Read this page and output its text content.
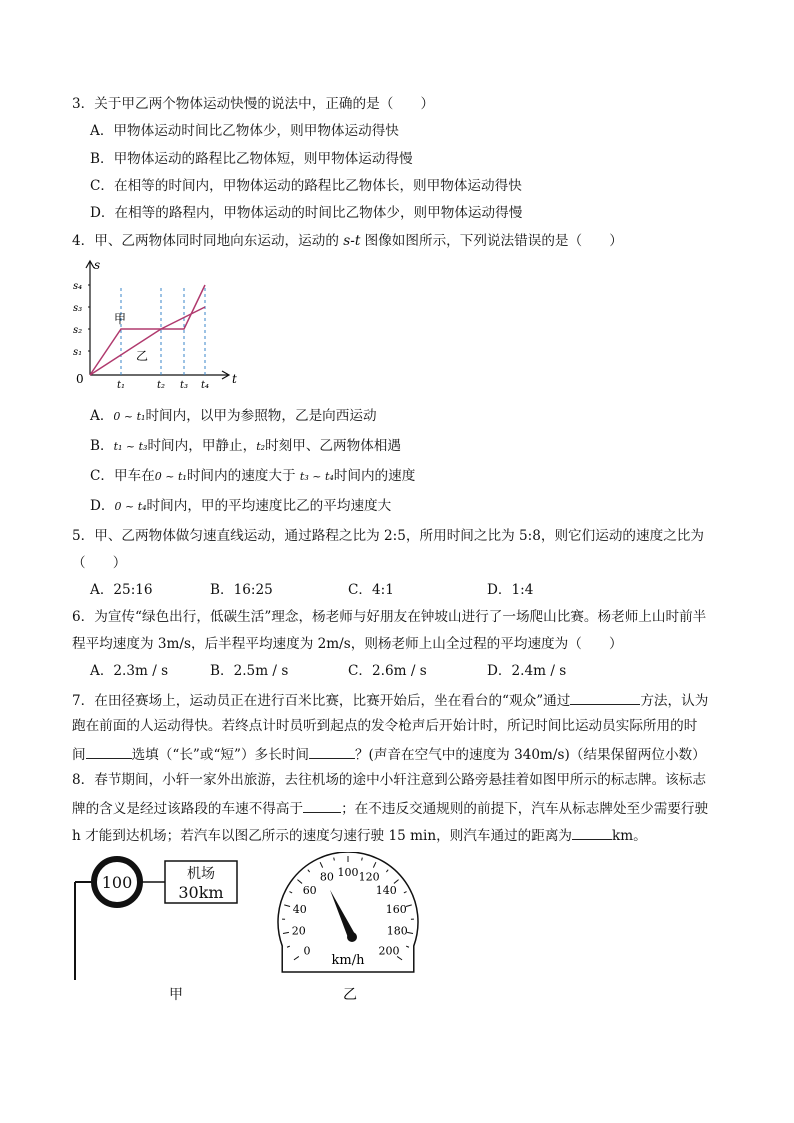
3．关于甲乙两个物体运动快慢的说法中，正确的是（　　）
A．甲物体运动时间比乙物体少，则甲物体运动得快
B．甲物体运动的路程比乙物体短，则甲物体运动得慢
C．在相等的时间内，甲物体运动的路程比乙物体长，则甲物体运动得快
D．在相等的路程内，甲物体运动的时间比乙物体少，则甲物体运动得慢
4．甲、乙两物体同时同地向东运动，运动的 s-t 图像如图所示，下列说法错误的是（　　）
t
s
0	t₁	t₂ t₃ t₄
s₁
s₂
s₃
s₄
甲
乙
A．0 ~ t₁时间内，以甲为参照物，乙是向西运动
B．t₁ ~ t₃时间内，甲静止，t₂时刻甲、乙两物体相遇
C．甲车在0 ~ t₁时间内的速度大于 t₃ ~ t₄时间内的速度
D．0 ~ t₄时间内，甲的平均速度比乙的平均速度大
5．甲、乙两物体做匀速直线运动，通过路程之比为 2:5，所用时间之比为 5:8，则它们运动的速度之比为
（　　）
A．25:16	B．16:25	C．4:1	D．1:4
6．为宣传“绿色出行，低碳生活”理念，杨老师与好朋友在钟坡山进行了一场爬山比赛。杨老师上山时前半
程平均速度为 3m/s，后半程平均速度为 2m/s，则杨老师上山全过程的平均速度为（　　）
A．2.3m / s	B．2.5m / s	C．2.6m / s	D．2.4m / s
7．在田径赛场上，运动员正在进行百米比赛，比赛开始后，坐在看台的“观众”通过	方法，认为
跑在前面的人运动得快。若终点计时员听到起点的发令枪声后开始计时，所记时间比运动员实际所用的时
间	选填（“长”或“短”）多长时间	？(声音在空气中的速度为 340m/s)（结果保留两位小数）
8．春节期间，小轩一家外出旅游，去往机场的途中小轩注意到公路旁悬挂着如图甲所示的标志牌。该标志
牌的含义是经过该路段的车速不得高于	；在不违反交通规则的前提下，汽车从标志牌处至少需要行驶
h 才能到达机场；若汽车以图乙所示的速度匀速行驶 15 min，则汽车通过的距离为	km。
100	机场
30km
甲
0
20
40
60
80 100 120
140
160
180
200
km/h
乙
